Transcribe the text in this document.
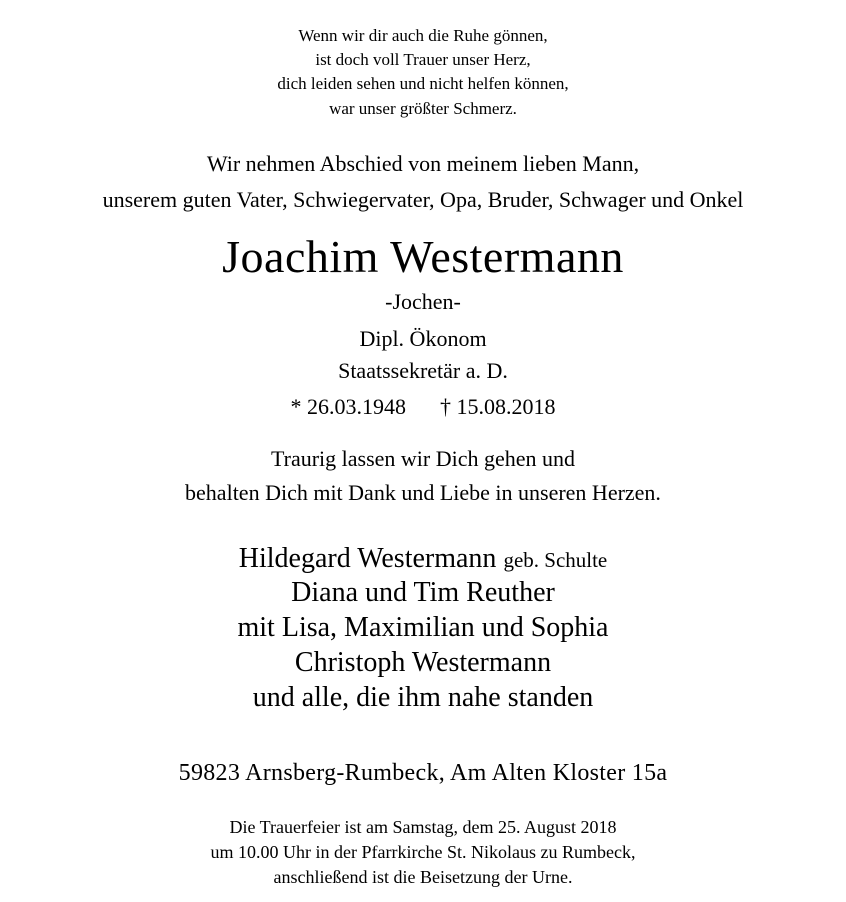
Wenn wir dir auch die Ruhe gönnen,
ist doch voll Trauer unser Herz,
dich leiden sehen und nicht helfen können,
war unser größter Schmerz.
Wir nehmen Abschied von meinem lieben Mann,
unserem guten Vater, Schwiegervater, Opa, Bruder, Schwager und Onkel
Joachim Westermann
-Jochen-
Dipl. Ökonom
Staatssekretär a. D.
* 26.03.1948 † 15.08.2018
Traurig lassen wir Dich gehen und
behalten Dich mit Dank und Liebe in unseren Herzen.
Hildegard Westermann geb. Schulte
Diana und Tim Reuther
mit Lisa, Maximilian und Sophia
Christoph Westermann
und alle, die ihm nahe standen
59823 Arnsberg-Rumbeck, Am Alten Kloster 15a
Die Trauerfeier ist am Samstag, dem 25. August 2018
um 10.00 Uhr in der Pfarrkirche St. Nikolaus zu Rumbeck,
anschließend ist die Beisetzung der Urne.
